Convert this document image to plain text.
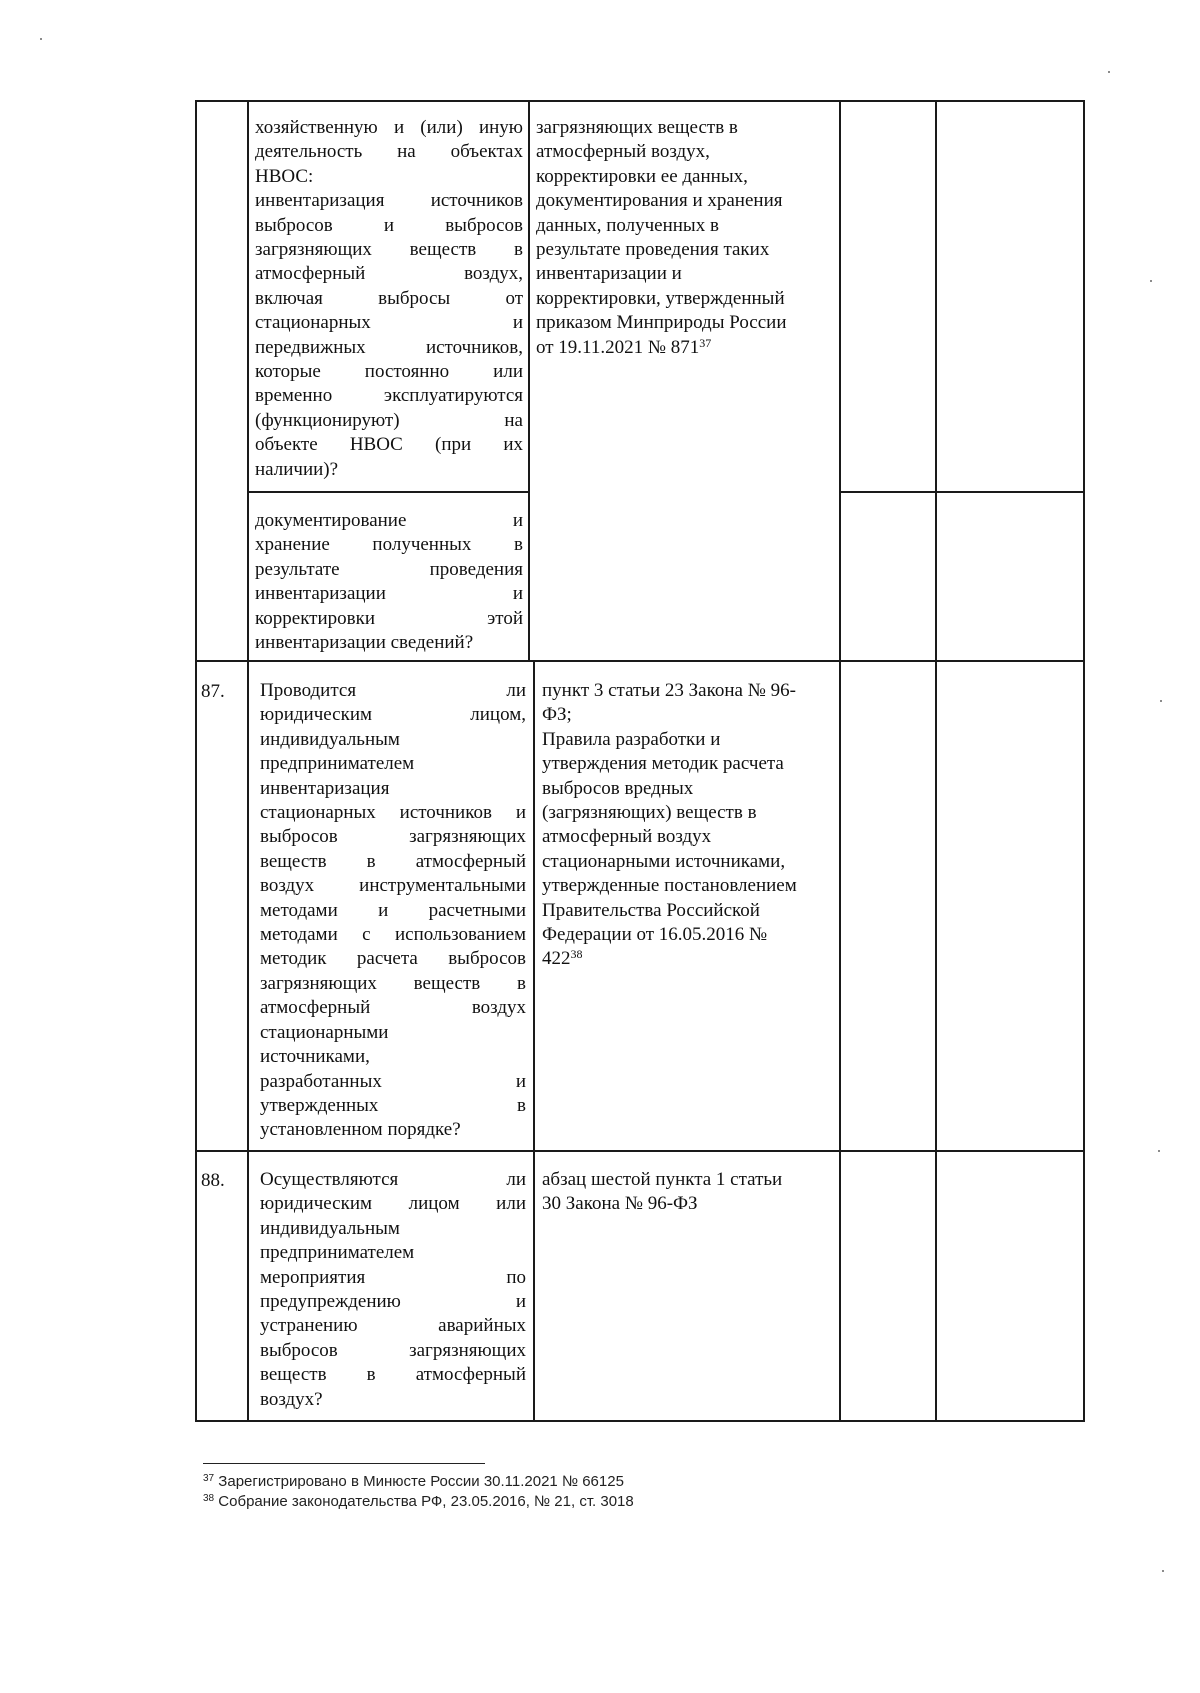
хозяйственную и (или) иную
деятельность на объектах
НВОС:
инвентаризация источников
выбросов и выбросов
загрязняющих веществ в
атмосферный воздух,
включая выбросы от
стационарных и
передвижных источников,
которые постоянно или
временно эксплуатируются
(функционируют) на
объекте НВОС (при их
наличии)?
документирование и
хранение полученных в
результате проведения
инвентаризации и
корректировки этой
инвентаризации сведений?
загрязняющих веществ в
атмосферный воздух,
корректировки ее данных,
документирования и хранения
данных, полученных в
результате проведения таких
инвентаризации и
корректировки, утвержденный
приказом Минприроды России
от 19.11.2021 № $871^{37}$
87. Проводится ли
юридическим лицом,
индивидуальным
предпринимателем
инвентаризация
стационарных источников и
выбросов загрязняющих
веществ в атмосферный
воздух инструментальными
методами и расчетными
методами с использованием
методик расчета выбросов
загрязняющих веществ в
атмосферный воздух
стационарными
источниками,
разработанных и
утвержденных в
установленном порядке?
пункт 3 статьи 23 Закона № 96-
ФЗ;
Правила разработки и
утверждения методик расчета
выбросов вредных
(загрязняющих) веществ в
атмосферный воздух
стационарными источниками,
утвержденные постановлением
Правительства Российской
Федерации от 16.05.2016 №
$422^{38}$
88. Осуществляются ли
юридическим лицом или
индивидуальным
предпринимателем
мероприятия по
предупреждению и
устранению аварийных
выбросов загрязняющих
веществ в атмосферный
воздух?
абзац шестой пункта 1 статьи
30 Закона № 96-ФЗ
$^{37}$ Зарегистрировано в Минюсте России 30.11.2021 № 66125
$^{38}$ Собрание законодательства РФ, 23.05.2016, № 21, ст. 3018
